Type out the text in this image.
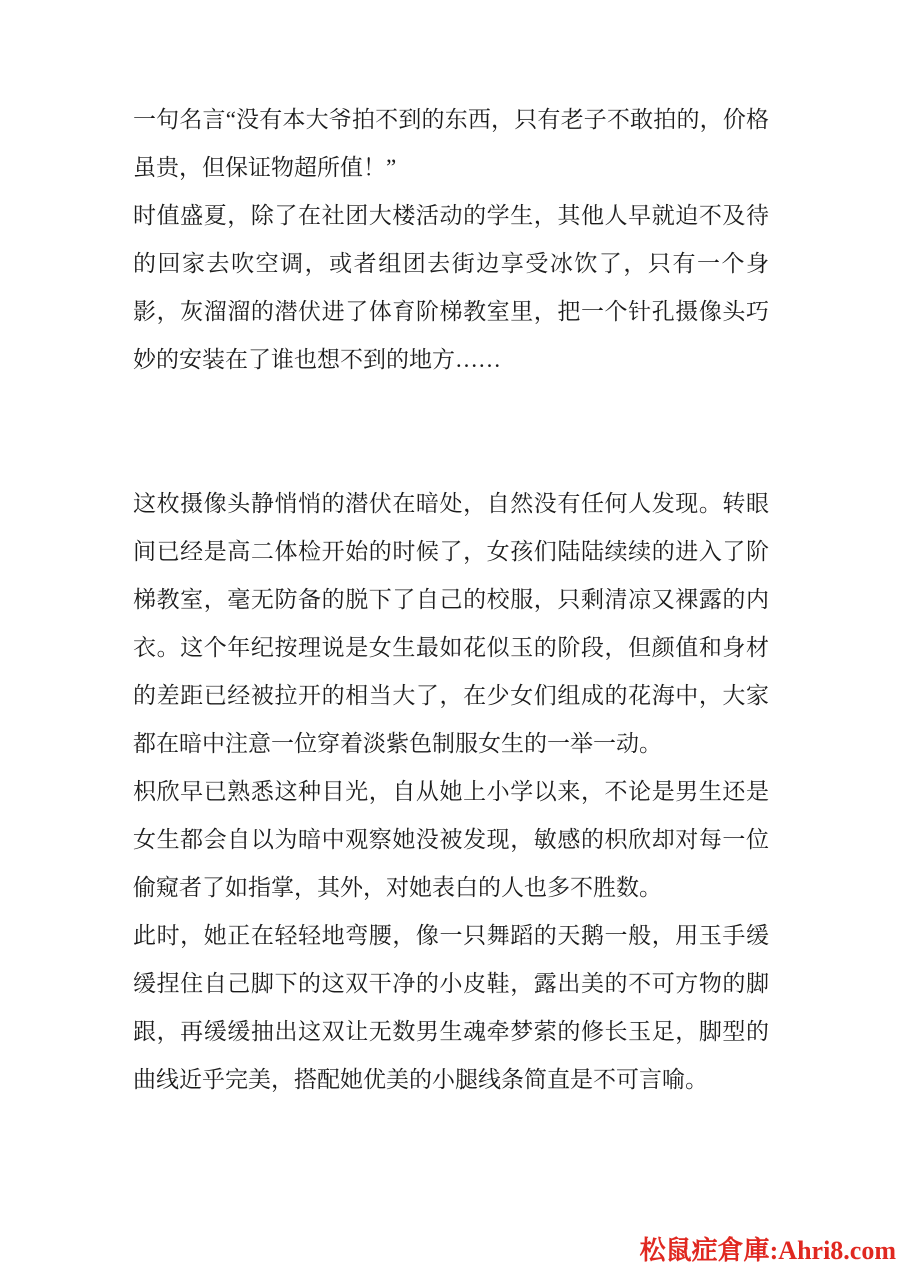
一句名言“没有本大爷拍不到的东西，只有老子不敢拍的，价格虽贵，但保证物超所值！”

时值盛夏，除了在社团大楼活动的学生，其他人早就迫不及待的回家去吹空调，或者组团去街边享受冰饮了，只有一个身影，灰溜溜的潜伏进了体育阶梯教室里，把一个针孔摄像头巧妙的安装在了谁也想不到的地方……

这枚摄像头静悄悄的潜伏在暗处，自然没有任何人发现。转眼间已经是高二体检开始的时候了，女孩们陆陆续续的进入了阶梯教室，毫无防备的脱下了自己的校服，只剩清凉又裸露的内衣。这个年纪按理说是女生最如花似玉的阶段，但颜值和身材的差距已经被拉开的相当大了，在少女们组成的花海中，大家都在暗中注意一位穿着淡紫色制服女生的一举一动。

枳欣早已熟悉这种目光，自从她上小学以来，不论是男生还是女生都会自以为暗中观察她没被发现，敏感的枳欣却对每一位偷窥者了如指掌，其外，对她表白的人也多不胜数。

此时，她正在轻轻地弯腰，像一只舞蹈的天鹅一般，用玉手缓缓捏住自己脚下的这双干净的小皮鞋，露出美的不可方物的脚跟，再缓缓抽出这双让无数男生魂牵梦萦的修长玉足，脚型的曲线近乎完美，搭配她优美的小腿线条简直是不可言喻。

松鼠症倉庫:Ahri8.com
